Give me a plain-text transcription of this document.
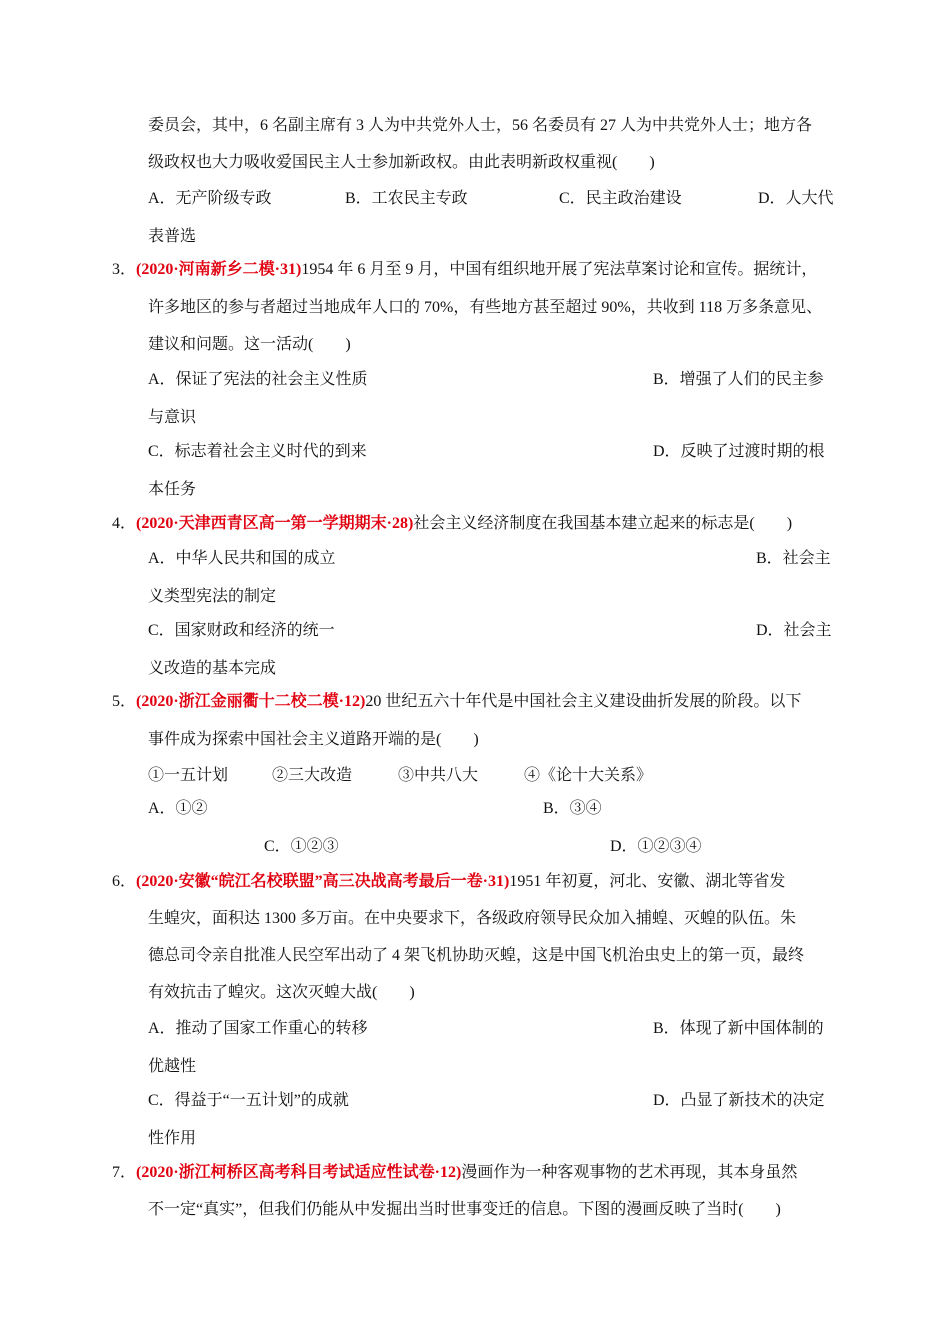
委员会，其中，6 名副主席有 3 人为中共党外人士，56 名委员有 27 人为中共党外人士；地方各
级政权也大力吸收爱国民主人士参加新政权。由此表明新政权重视(　　)
A．无产阶级专政	B．工农民主专政	C．民主政治建设	D．人大代
表普选
3．(2020·河南新乡二模·31)1954 年 6 月至 9 月，中国有组织地开展了宪法草案讨论和宣传。据统计，
许多地区的参与者超过当地成年人口的 70%，有些地方甚至超过 90%，共收到 118 万多条意见、
建议和问题。这一活动(　　)
A．保证了宪法的社会主义性质	B．增强了人们的民主参
与意识
C．标志着社会主义时代的到来	D．反映了过渡时期的根
本任务
4．(2020·天津西青区高一第一学期期末·28)社会主义经济制度在我国基本建立起来的标志是(　　)
A．中华人民共和国的成立	B．社会主
义类型宪法的制定
C．国家财政和经济的统一	D．社会主
义改造的基本完成
5．(2020·浙江金丽衢十二校二模·12)20 世纪五六十年代是中国社会主义建设曲折发展的阶段。以下
事件成为探索中国社会主义道路开端的是(　　)
①一五计划	②三大改造	③中共八大	④《论十大关系》
A．①②	B．③④
C．①②③	D．①②③④
6．(2020·安徽“皖江名校联盟”高三决战高考最后一卷·31)1951 年初夏，河北、安徽、湖北等省发
生蝗灾，面积达 1300 多万亩。在中央要求下，各级政府领导民众加入捕蝗、灭蝗的队伍。朱
德总司令亲自批准人民空军出动了 4 架飞机协助灭蝗，这是中国飞机治虫史上的第一页，最终
有效抗击了蝗灾。这次灭蝗大战(　　)
A．推动了国家工作重心的转移	B．体现了新中国体制的
优越性
C．得益于“一五计划”的成就	D．凸显了新技术的决定
性作用
7．(2020·浙江柯桥区高考科目考试适应性试卷·12)漫画作为一种客观事物的艺术再现，其本身虽然
不一定“真实”，但我们仍能从中发掘出当时世事变迁的信息。下图的漫画反映了当时(　　)
